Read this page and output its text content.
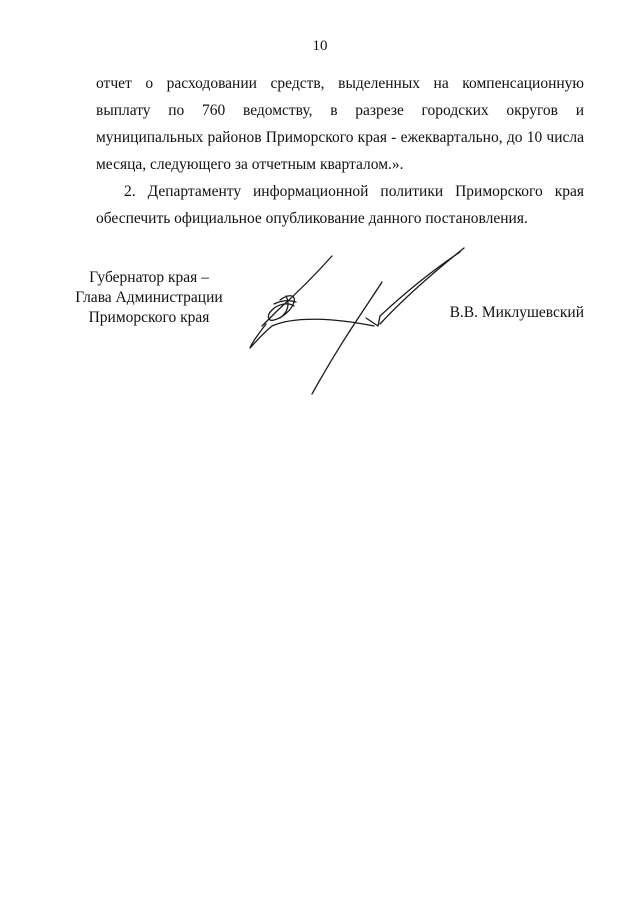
10

отчет о расходовании средств, выделенных на компенсационную выплату по 760 ведомству, в разрезе городских округов и муниципальных районов Приморского края - ежеквартально, до 10 числа месяца, следующего за отчетным кварталом.».

2. Департаменту информационной политики Приморского края обеспечить официальное опубликование данного постановления.

Губернатор края –
Глава Администрации
Приморского края	В.В. Миклушевский
